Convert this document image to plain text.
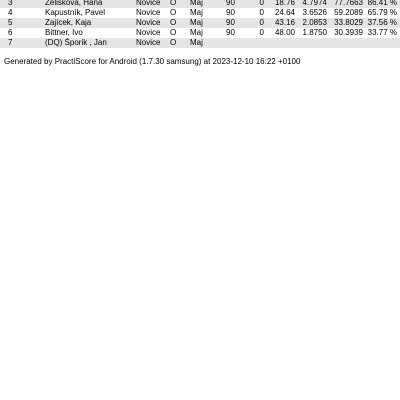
3	Zelisková, Hana	Novice	O	Maj	90	0	18.76	4.7974	77.7663	86.41 %
4	Kapustník, Pavel	Novice	O	Maj	90	0	24.64	3.6526	59.2089	65.79 %
5	Zajícek, Kaja	Novice	O	Maj	90	0	43.16	2.0853	33.8029	37.56 %
6	Bittner, Ivo	Novice	O	Maj	90	0	48.00	1.8750	30.3939	33.77 %
7	(DQ) Šporik , Jan	Novice	O	Maj						
Generated by PractiScore for Android (1.7.30 samsung) at 2023-12-10 16:22 +0100
